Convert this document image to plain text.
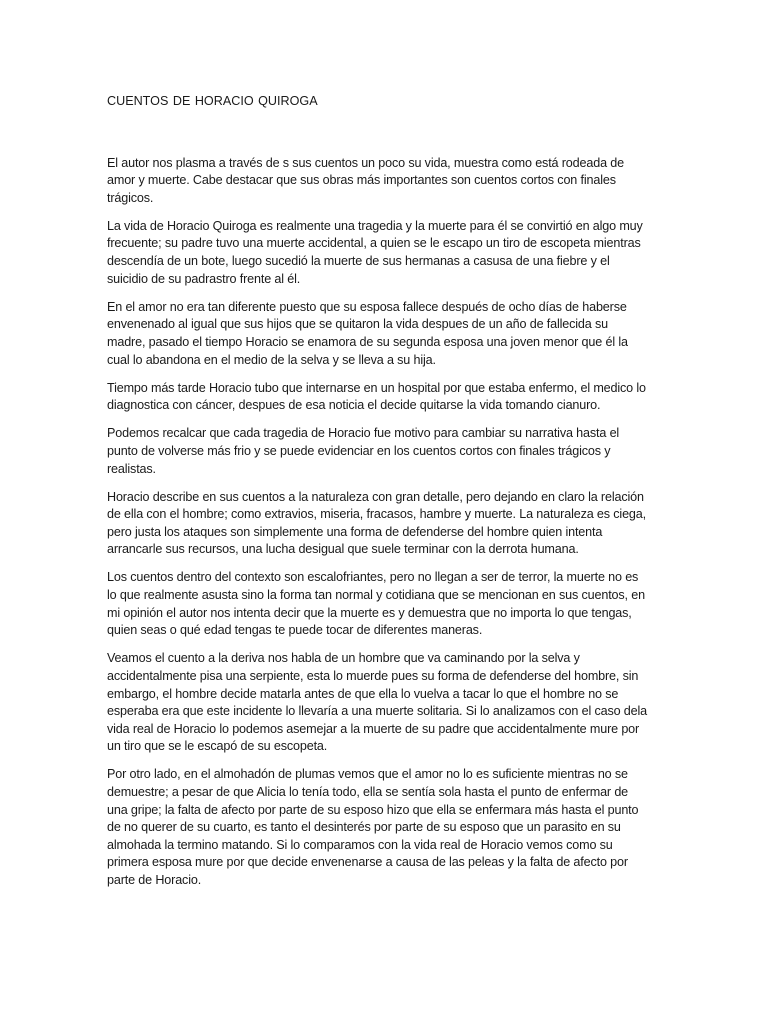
CUENTOS DE HORACIO QUIROGA

El autor nos plasma a través de s sus cuentos un poco su vida, muestra como está rodeada de amor y muerte. Cabe destacar que sus obras más importantes son cuentos cortos con finales trágicos.

La vida de Horacio Quiroga es realmente una tragedia y la muerte para él se convirtió en algo muy frecuente; su padre tuvo una muerte accidental, a quien se le escapo un tiro de escopeta mientras descendía de un bote, luego sucedió la muerte de sus hermanas a casusa de una fiebre y el suicidio de su padrastro frente al él.

En el amor no era tan diferente puesto que su esposa fallece después de ocho días de haberse envenenado al igual que sus hijos que se quitaron la vida despues de un año de fallecida su madre, pasado el tiempo Horacio se enamora de su segunda esposa una joven menor que él la cual lo abandona en el medio de la selva y se lleva a su hija.

Tiempo más tarde Horacio tubo que internarse en un hospital por que estaba enfermo, el medico lo diagnostica con cáncer, despues de esa noticia el decide quitarse la vida tomando cianuro.

Podemos recalcar que cada tragedia de Horacio fue motivo para cambiar su narrativa hasta el punto de volverse más frio y se puede evidenciar en los cuentos cortos con finales trágicos y realistas.

Horacio describe en sus cuentos a la naturaleza con gran detalle, pero dejando en claro la relación de ella con el hombre; como extravios, miseria, fracasos, hambre y muerte. La naturaleza es ciega, pero justa los ataques son simplemente una forma de defenderse del hombre quien intenta arrancarle sus recursos, una lucha desigual que suele terminar con la derrota humana.

Los cuentos dentro del contexto son escalofriantes, pero no llegan a ser de terror, la muerte no es lo que realmente asusta sino la forma tan normal y cotidiana que se mencionan en sus cuentos, en mi opinión el autor nos intenta decir que la muerte es y demuestra que no importa lo que tengas, quien seas o qué edad tengas te puede tocar de diferentes maneras.

Veamos el cuento a la deriva nos habla de un hombre que va caminando por la selva y accidentalmente pisa una serpiente, esta lo muerde pues su forma de defenderse del hombre, sin embargo, el hombre decide matarla antes de que ella lo vuelva a tacar lo que el hombre no se esperaba era que este incidente lo llevaría a una muerte solitaria. Si lo analizamos con el caso dela vida real de Horacio lo podemos asemejar a la muerte de su padre que accidentalmente mure por un tiro que se le escapó de su escopeta.

Por otro lado, en el almohadón de plumas vemos que el amor no lo es suficiente mientras no se demuestre; a pesar de que Alicia lo tenía todo, ella se sentía sola hasta el punto de enfermar de una gripe; la falta de afecto por parte de su esposo hizo que ella se enfermara más hasta el punto de no querer de su cuarto, es tanto el desinterés por parte de su esposo que un parasito en su almohada la termino matando. Si lo comparamos con la vida real de Horacio vemos como su primera esposa mure por que decide envenenarse a causa de las peleas y la falta de afecto por parte de Horacio.
